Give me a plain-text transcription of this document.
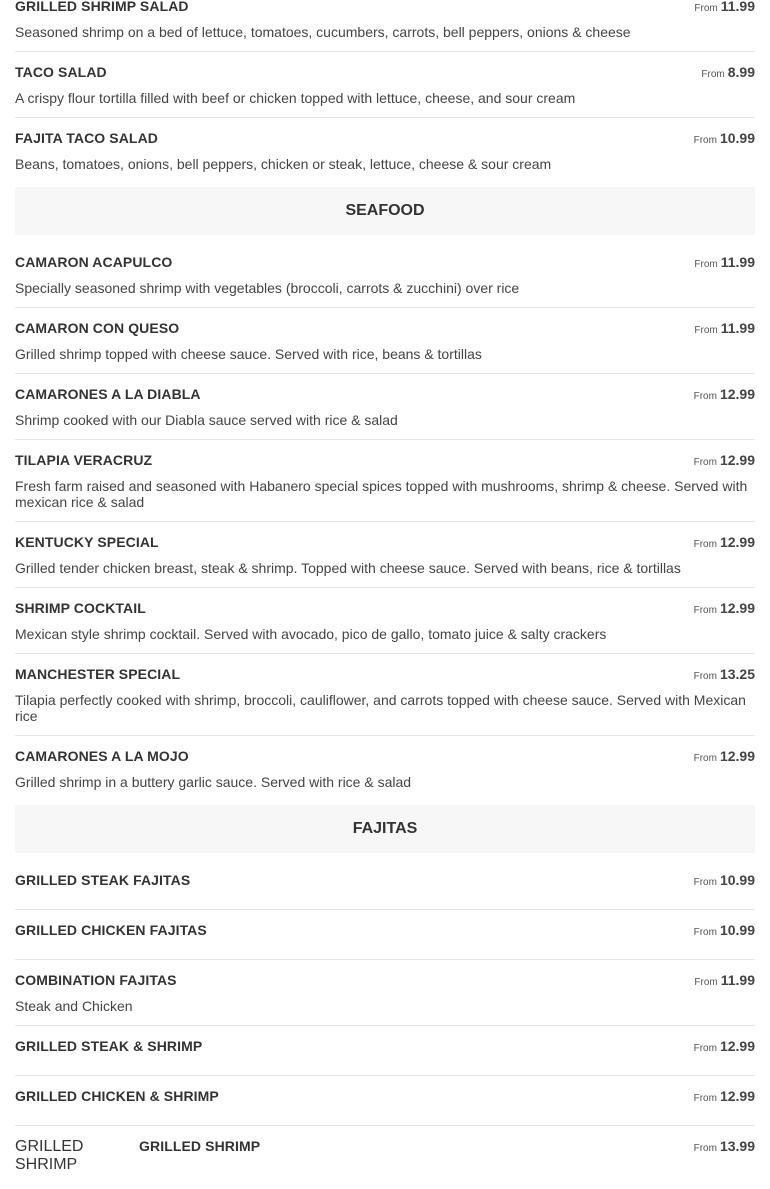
GRILLED SHRIMP SALAD	From 11.99
Seasoned shrimp on a bed of lettuce, tomatoes, cucumbers, carrots, bell peppers, onions & cheese
TACO SALAD	From 8.99
A crispy flour tortilla filled with beef or chicken topped with lettuce, cheese, and sour cream
FAJITA TACO SALAD	From 10.99
Beans, tomatoes, onions, bell peppers, chicken or steak, lettuce, cheese & sour cream
SEAFOOD
CAMARON ACAPULCO	From 11.99
Specially seasoned shrimp with vegetables (broccoli, carrots & zucchini) over rice
CAMARON CON QUESO	From 11.99
Grilled shrimp topped with cheese sauce. Served with rice, beans & tortillas
CAMARONES A LA DIABLA	From 12.99
Shrimp cooked with our Diabla sauce served with rice & salad
TILAPIA VERACRUZ	From 12.99
Fresh farm raised and seasoned with Habanero special spices topped with mushrooms, shrimp & cheese. Served with mexican rice & salad
KENTUCKY SPECIAL	From 12.99
Grilled tender chicken breast, steak & shrimp. Topped with cheese sauce. Served with beans, rice & tortillas
SHRIMP COCKTAIL	From 12.99
Mexican style shrimp cocktail. Served with avocado, pico de gallo, tomato juice & salty crackers
MANCHESTER SPECIAL	From 13.25
Tilapia perfectly cooked with shrimp, broccoli, cauliflower, and carrots topped with cheese sauce. Served with Mexican rice
CAMARONES A LA MOJO	From 12.99
Grilled shrimp in a buttery garlic sauce. Served with rice & salad
FAJITAS
GRILLED STEAK FAJITAS	From 10.99
GRILLED CHICKEN FAJITAS	From 10.99
COMBINATION FAJITAS	From 11.99
Steak and Chicken
GRILLED STEAK & SHRIMP	From 12.99
GRILLED CHICKEN & SHRIMP	From 12.99
GRILLED SHRIMP
GRILLED SHRIMP	From 13.99
